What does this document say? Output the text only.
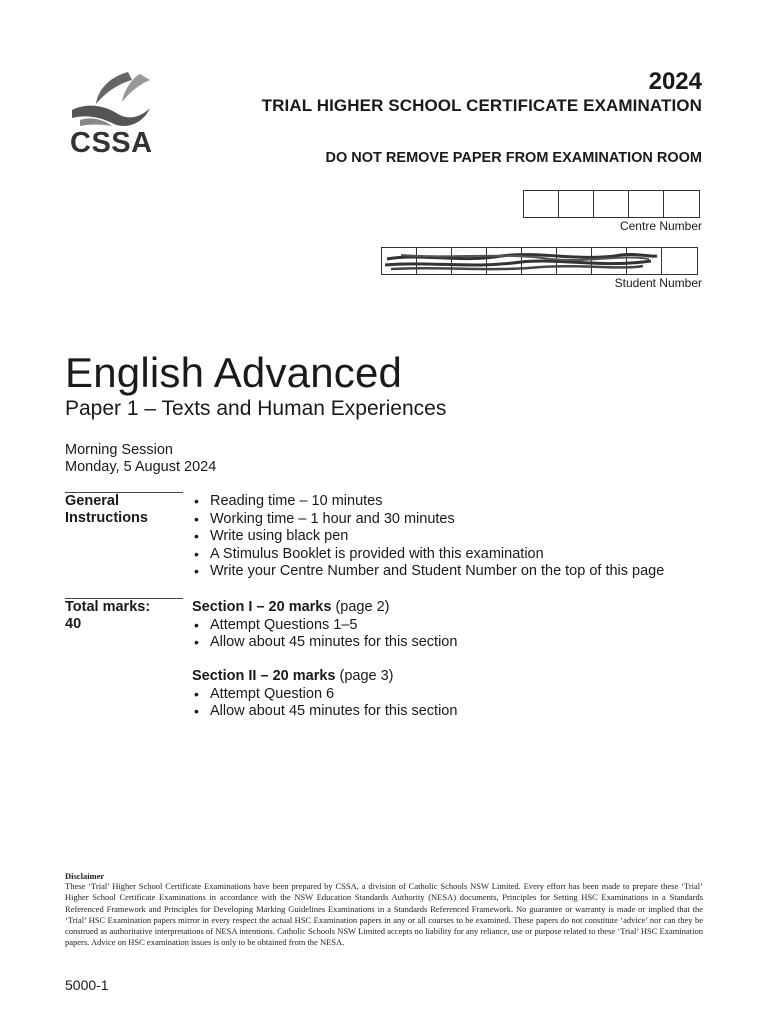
CSSA
2024
TRIAL HIGHER SCHOOL CERTIFICATE EXAMINATION
DO NOT REMOVE PAPER FROM EXAMINATION ROOM
Centre Number
Student Number
English Advanced
Paper 1 – Texts and Human Experiences
Morning Session
Monday, 5 August 2024
General
Instructions
• Reading time – 10 minutes
• Working time – 1 hour and 30 minutes
• Write using black pen
• A Stimulus Booklet is provided with this examination
• Write your Centre Number and Student Number on the top of this page
Total marks:
40
Section I – 20 marks (page 2)
• Attempt Questions 1–5
• Allow about 45 minutes for this section
Section II – 20 marks (page 3)
• Attempt Question 6
• Allow about 45 minutes for this section
Disclaimer
These ‘Trial’ Higher School Certificate Examinations have been prepared by CSSA, a division of Catholic Schools NSW Limited. Every effort has been made to prepare these ‘Trial’ Higher School Certificate Examinations in accordance with the NSW Education Standards Authority (NESA) documents, Principles for Setting HSC Examinations in a Standards Referenced Framework and Principles for Developing Marking Guidelines Examinations in a Standards Referenced Framework. No guarantee or warranty is made or implied that the ‘Trial’ HSC Examination papers mirror in every respect the actual HSC Examination papers in any or all courses to be examined. These papers do not constitute ‘advice’ nor can they be construed as authoritative interpretations of NESA intentions. Catholic Schools NSW Limited accepts no liability for any reliance, use or purpose related to these ‘Trial’ HSC Examination papers. Advice on HSC examination issues is only to be obtained from the NESA.
5000-1
